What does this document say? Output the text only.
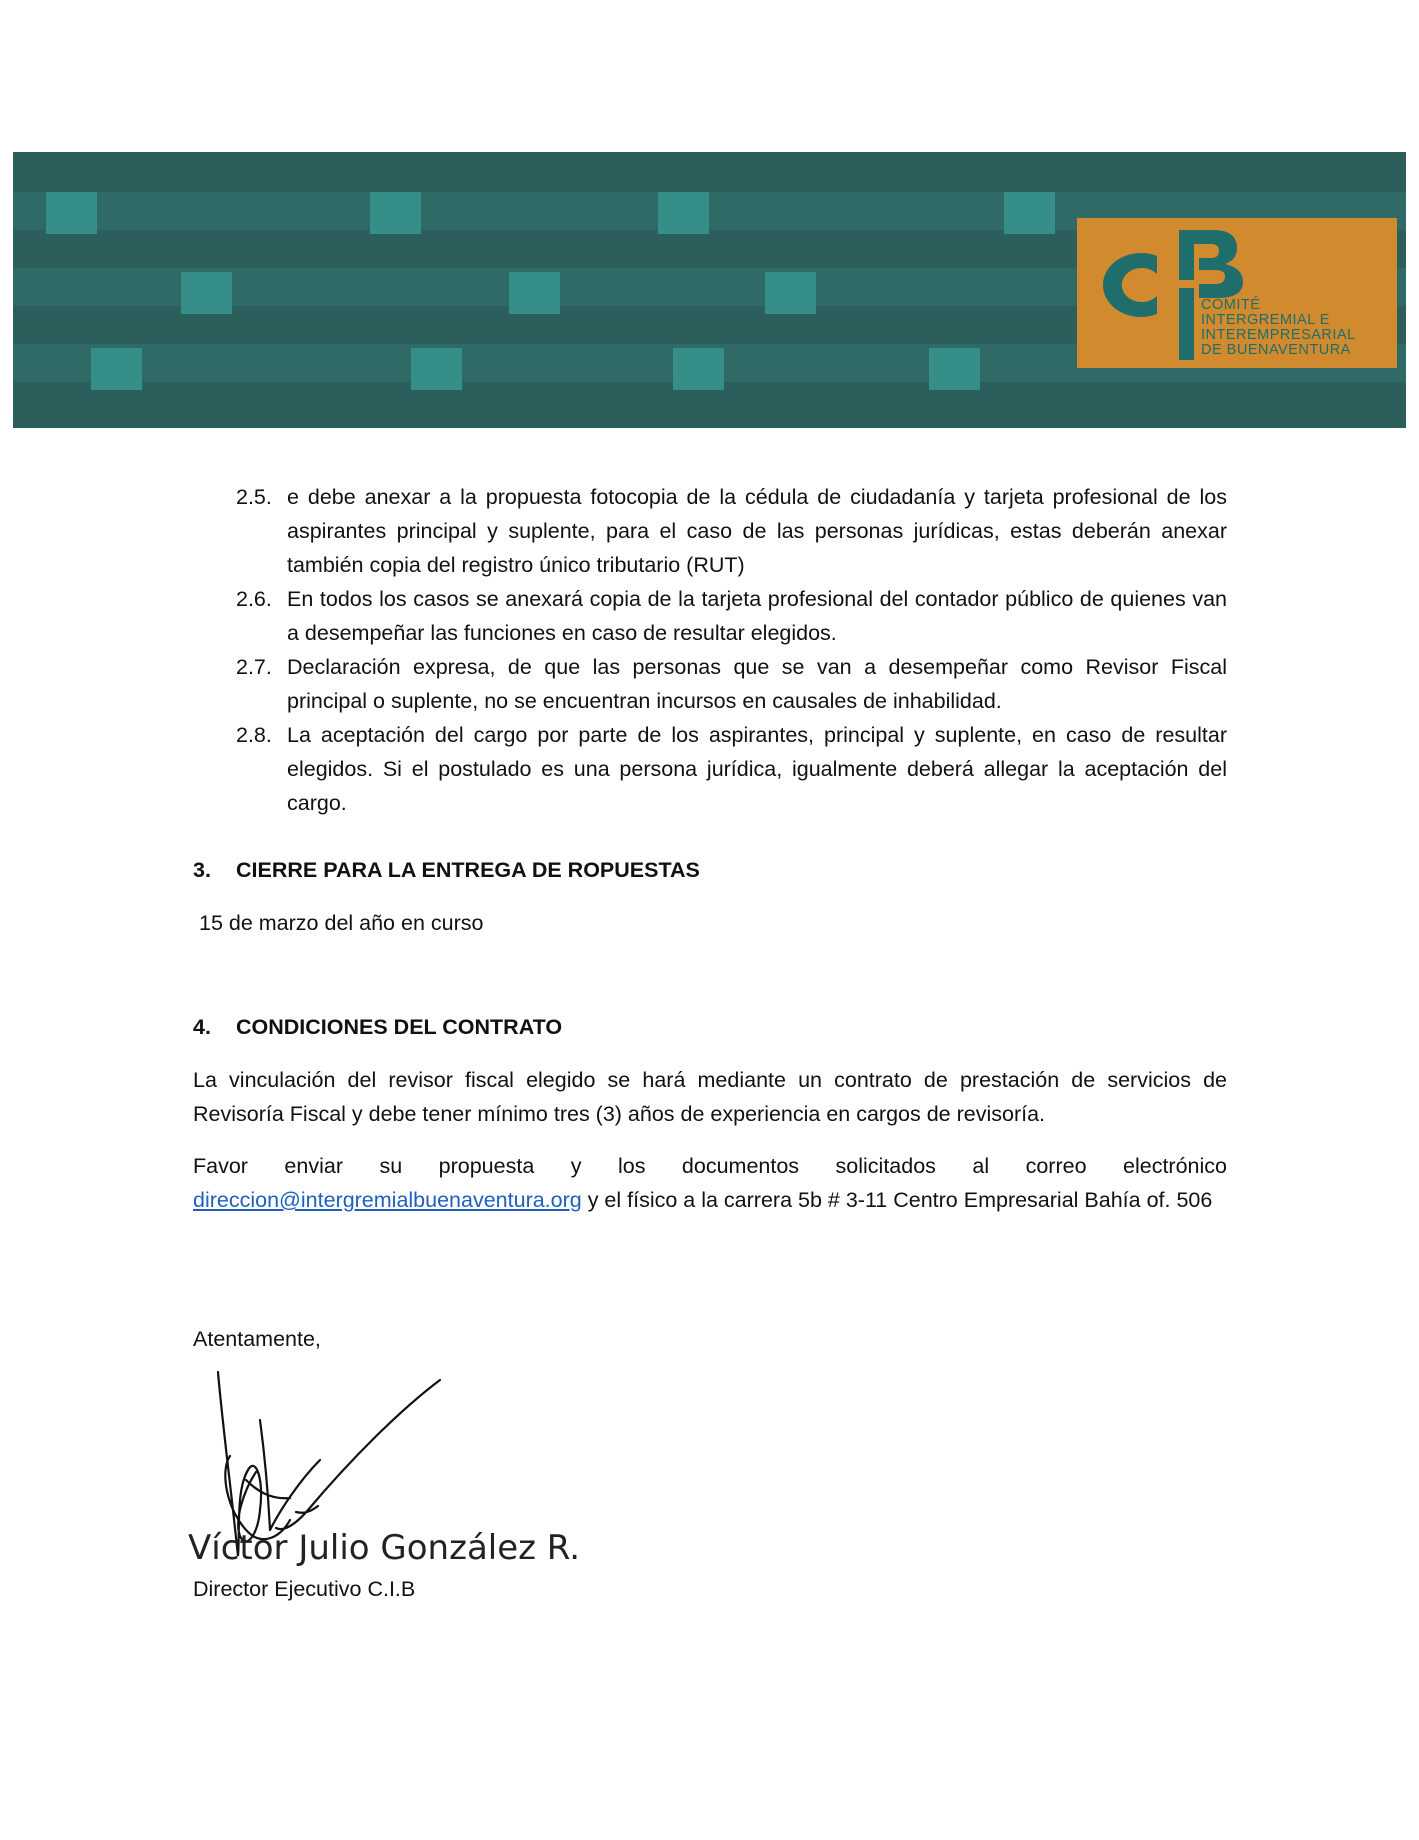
COMITÉ
INTERGREMIAL E
INTEREMPRESARIAL
DE BUENAVENTURA
2.5. e debe anexar a la propuesta fotocopia de la cédula de ciudadanía y tarjeta profesional de los aspirantes principal y suplente, para el caso de las personas jurídicas, estas deberán anexar también copia del registro único tributario (RUT)
2.6. En todos los casos se anexará copia de la tarjeta profesional del contador público de quienes van a desempeñar las funciones en caso de resultar elegidos.
2.7. Declaración expresa, de que las personas que se van a desempeñar como Revisor Fiscal principal o suplente, no se encuentran incursos en causales de inhabilidad.
2.8. La aceptación del cargo por parte de los aspirantes, principal y suplente, en caso de resultar elegidos. Si el postulado es una persona jurídica, igualmente deberá allegar la aceptación del cargo.
3. CIERRE PARA LA ENTREGA DE ROPUESTAS
15 de marzo del año en curso
4. CONDICIONES DEL CONTRATO
La vinculación del revisor fiscal elegido se hará mediante un contrato de prestación de servicios de Revisoría Fiscal y debe tener mínimo tres (3) años de experiencia en cargos de revisoría.
Favor enviar su propuesta y los documentos solicitados al correo electrónico direccion@intergremialbuenaventura.org y el físico a la carrera 5b # 3-11 Centro Empresarial Bahía of. 506
Atentamente,
Víctor Julio González R.
Director Ejecutivo C.I.B
